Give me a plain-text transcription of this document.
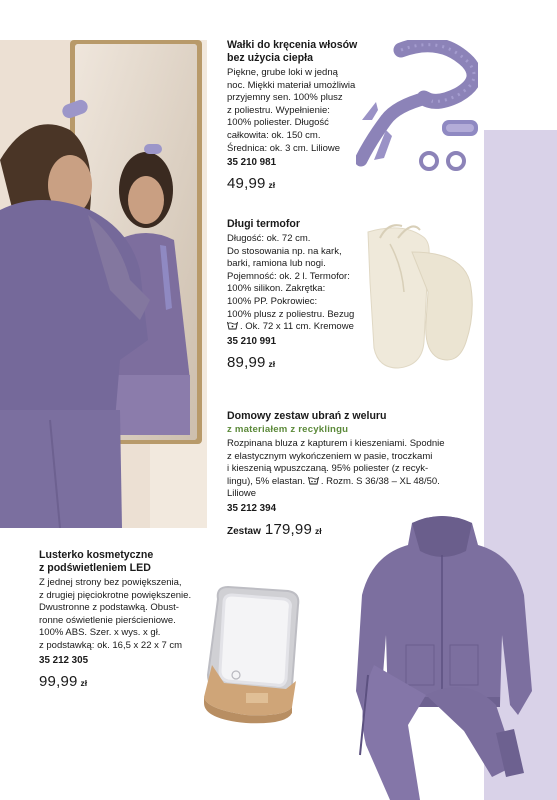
Wałki do kręcenia włosów
bez użycia ciepła
Piękne, grube loki w jedną
noc. Miękki materiał umożliwia
przyjemny sen. 100% plusz
z poliestru. Wypełnienie:
100% poliester. Długość
całkowita: ok. 150 cm.
Średnica: ok. 3 cm. Liliowe
35 210 981
49,99 zł
Długi termofor
Długość: ok. 72 cm.
Do stosowania np. na kark,
barki, ramiona lub nogi.
Pojemność: ok. 2 l. Termofor:
100% silikon. Zakrętka:
100% PP. Pokrowiec:
100% plusz z poliestru. Bezug
. Ok. 72 x 11 cm. Kremowe
35 210 991
89,99 zł
Domowy zestaw ubrań z weluru
z materiałem z recyklingu
Rozpinana bluza z kapturem i kieszeniami. Spodnie
z elastycznym wykończeniem w pasie, troczkami
i kieszenią wpuszczaną. 95% poliester (z recyk-
lingu), 5% elastan. . Rozm. S 36/38 – XL 48/50.
Liliowe
35 212 394
Zestaw 179,99 zł
Lusterko kosmetyczne
z podświetleniem LED
Z jednej strony bez powiększenia,
z drugiej pięciokrotne powiększenie.
Dwustronne z podstawką. Obust-
ronne oświetlenie pierścieniowe.
100% ABS. Szer. x wys. x gł.
z podstawką: ok. 16,5 x 22 x 7 cm
35 212 305
99,99 zł
